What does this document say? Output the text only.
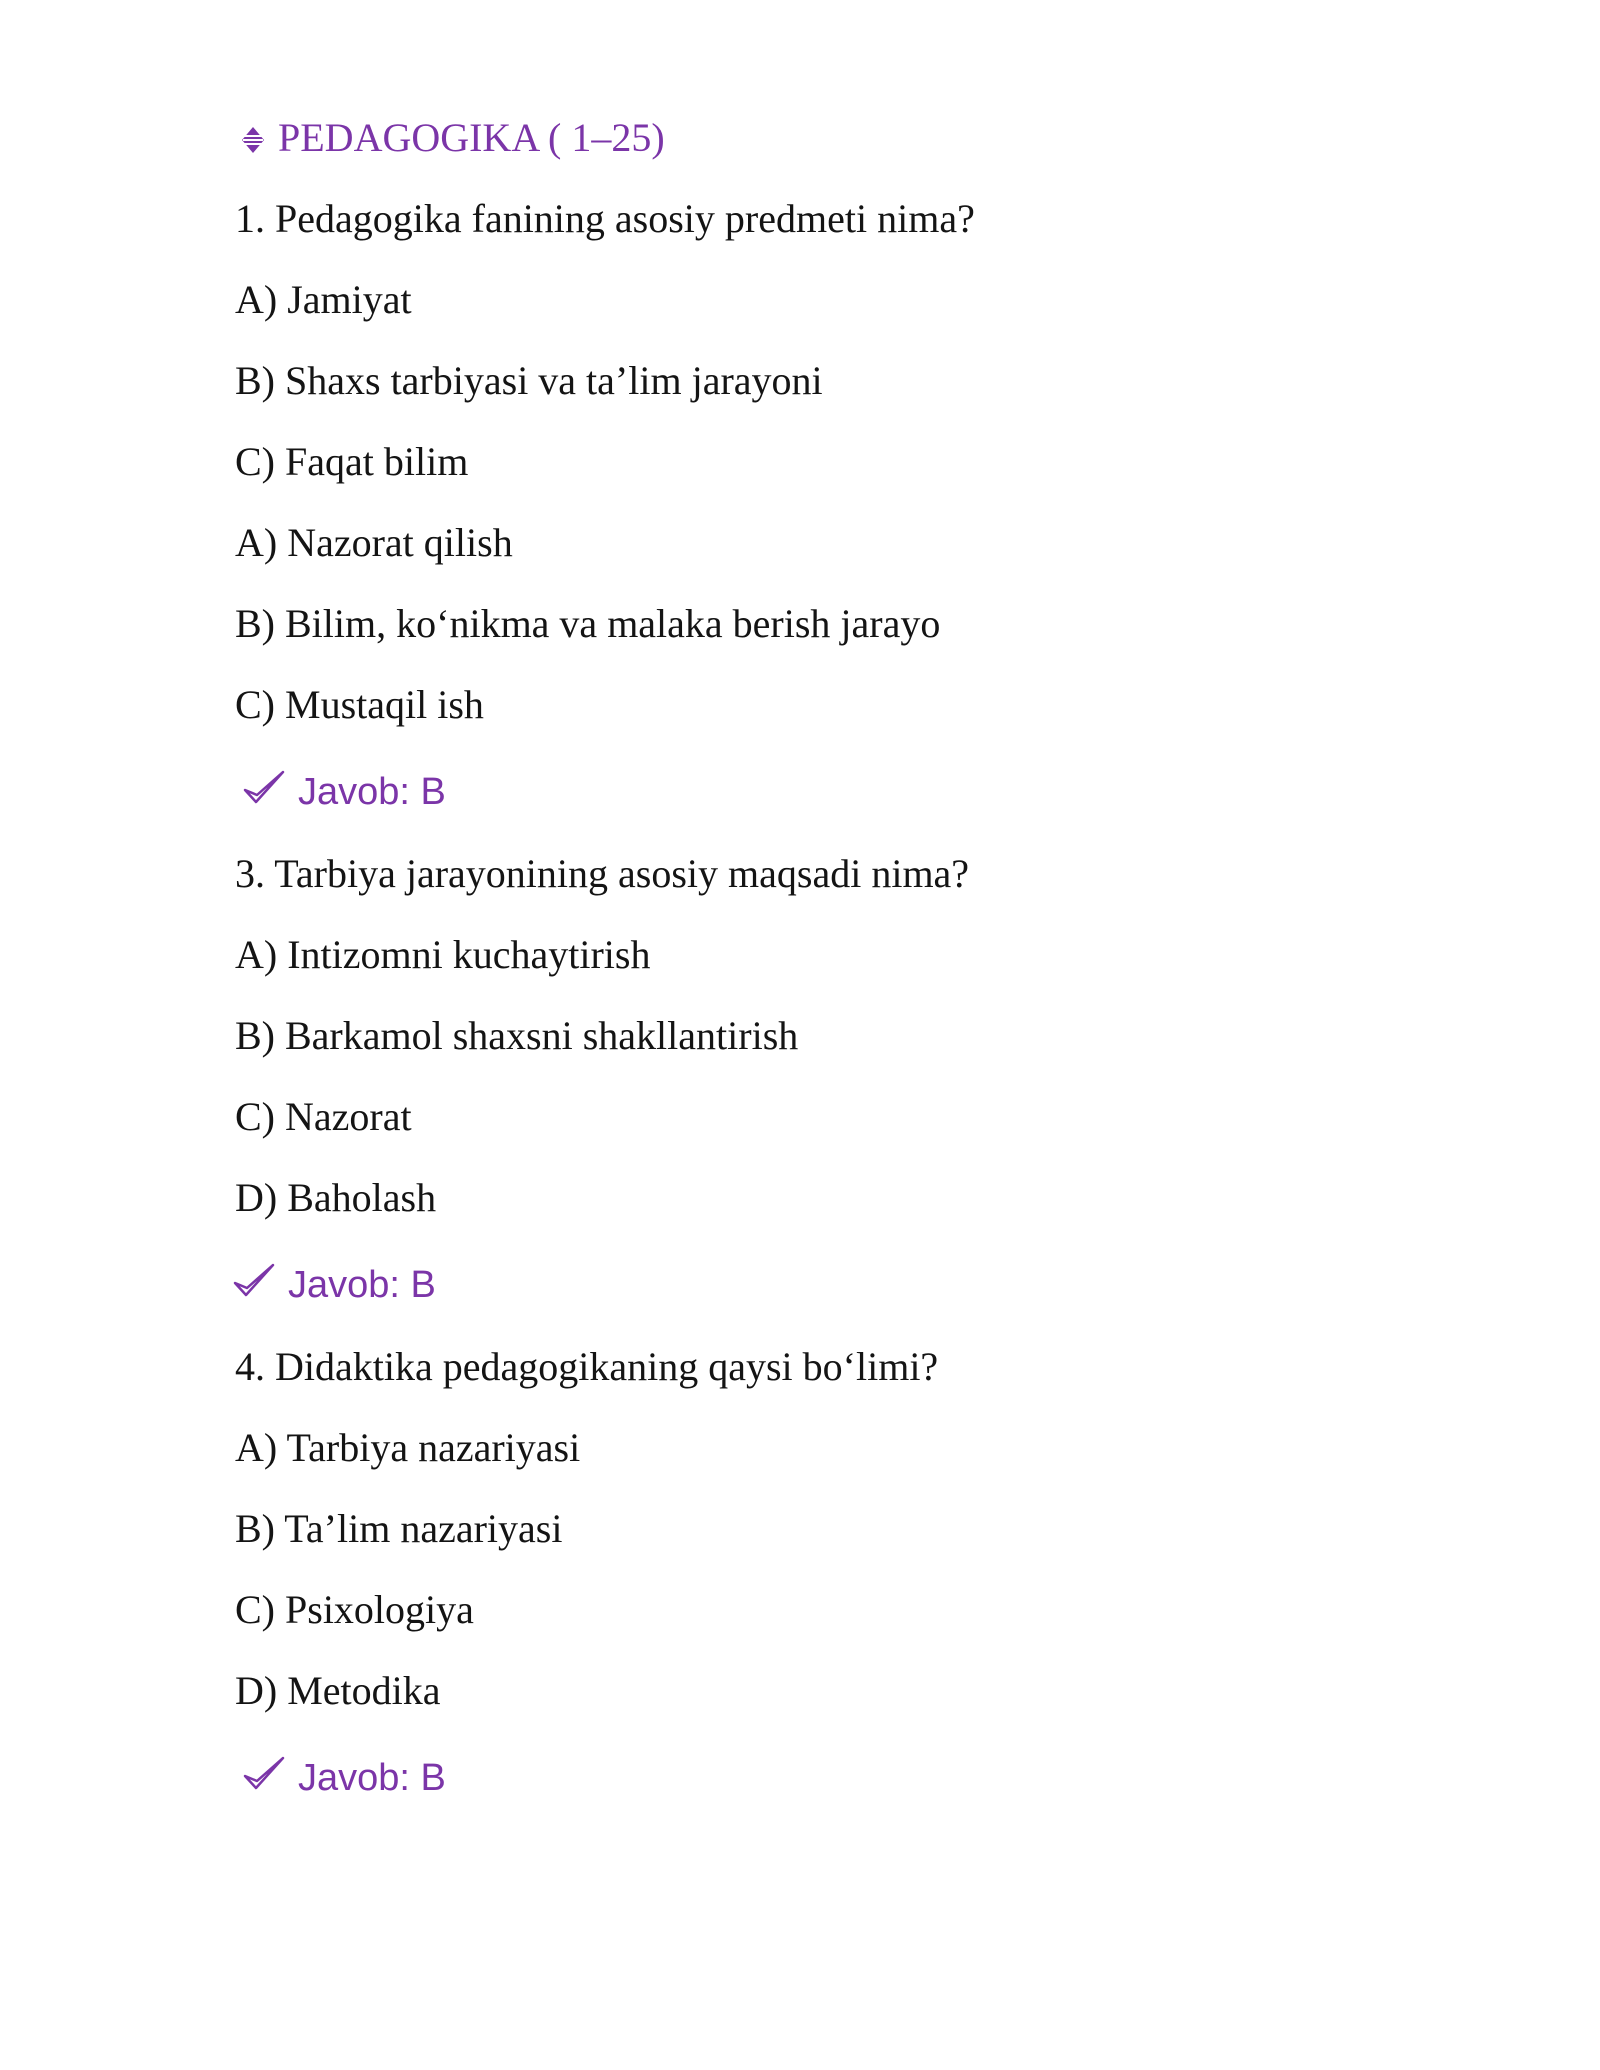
PEDAGOGIKA ( 1–25)
1. Pedagogika fanining asosiy predmeti nima?
A) Jamiyat
B) Shaxs tarbiyasi va ta’lim jarayoni
C) Faqat bilim
A) Nazorat qilish
B) Bilim, ko‘nikma va malaka berish jarayo
C) Mustaqil ish
Javob: B
3. Tarbiya jarayonining asosiy maqsadi nima?
A) Intizomni kuchaytirish
B) Barkamol shaxsni shakllantirish
C) Nazorat
D) Baholash
Javob: B
4. Didaktika pedagogikaning qaysi bo‘limi?
A) Tarbiya nazariyasi
B) Ta’lim nazariyasi
C) Psixologiya
D) Metodika
Javob: B
